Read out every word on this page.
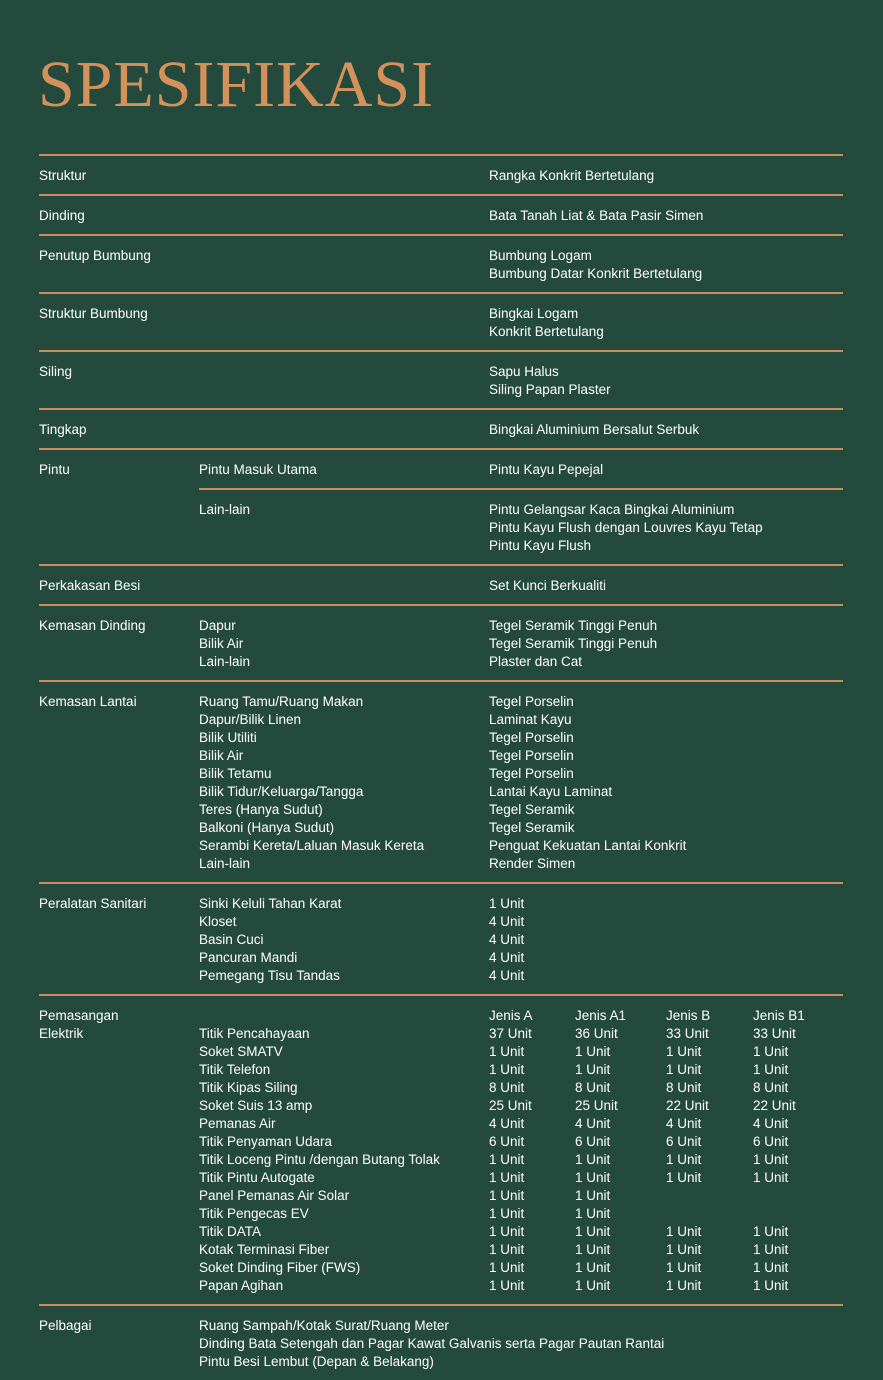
SPESIFIKASI
Struktur	Rangka Konkrit Bertetulang
Dinding	Bata Tanah Liat & Bata Pasir Simen
Penutup Bumbung	Bumbung Logam
Bumbung Datar Konkrit Bertetulang
Struktur Bumbung	Bingkai Logam
Konkrit Bertetulang
Siling	Sapu Halus
Siling Papan Plaster
Tingkap	Bingkai Aluminium Bersalut Serbuk
Pintu	Pintu Masuk Utama	Pintu Kayu Pepejal
Lain-lain	Pintu Gelangsar Kaca Bingkai Aluminium
Pintu Kayu Flush dengan Louvres Kayu Tetap
Pintu Kayu Flush
Perkakasan Besi	Set Kunci Berkualiti
Kemasan Dinding	Dapur	Tegel Seramik Tinggi Penuh
Bilik Air	Tegel Seramik Tinggi Penuh
Lain-lain	Plaster dan Cat
Kemasan Lantai	Ruang Tamu/Ruang Makan	Tegel Porselin
Dapur/Bilik Linen	Laminat Kayu
Bilik Utiliti	Tegel Porselin
Bilik Air	Tegel Porselin
Bilik Tetamu	Tegel Porselin
Bilik Tidur/Keluarga/Tangga	Lantai Kayu Laminat
Teres (Hanya Sudut)	Tegel Seramik
Balkoni (Hanya Sudut)	Tegel Seramik
Serambi Kereta/Laluan Masuk Kereta	Penguat Kekuatan Lantai Konkrit
Lain-lain	Render Simen
Peralatan Sanitari	Sinki Keluli Tahan Karat	1 Unit
Kloset	4 Unit
Basin Cuci	4 Unit
Pancuran Mandi	4 Unit
Pemegang Tisu Tandas	4 Unit
Pemasangan
Elektrik
Jenis A	Jenis A1	Jenis B	Jenis B1
Titik Pencahayaan	37 Unit	36 Unit	33 Unit	33 Unit
Soket SMATV	1 Unit	1 Unit	1 Unit	1 Unit
Titik Telefon	1 Unit	1 Unit	1 Unit	1 Unit
Titik Kipas Siling	8 Unit	8 Unit	8 Unit	8 Unit
Soket Suis 13 amp	25 Unit	25 Unit	22 Unit	22 Unit
Pemanas Air	4 Unit	4 Unit	4 Unit	4 Unit
Titik Penyaman Udara	6 Unit	6 Unit	6 Unit	6 Unit
Titik Loceng Pintu /dengan Butang Tolak	1 Unit	1 Unit	1 Unit	1 Unit
Titik Pintu Autogate	1 Unit	1 Unit	1 Unit	1 Unit
Panel Pemanas Air Solar	1 Unit	1 Unit
Titik Pengecas EV	1 Unit	1 Unit
Titik DATA	1 Unit	1 Unit	1 Unit	1 Unit
Kotak Terminasi Fiber	1 Unit	1 Unit	1 Unit	1 Unit
Soket Dinding Fiber (FWS)	1 Unit	1 Unit	1 Unit	1 Unit
Papan Agihan	1 Unit	1 Unit	1 Unit	1 Unit
Pelbagai	Ruang Sampah/Kotak Surat/Ruang Meter
Dinding Bata Setengah dan Pagar Kawat Galvanis serta Pagar Pautan Rantai
Pintu Besi Lembut (Depan & Belakang)
